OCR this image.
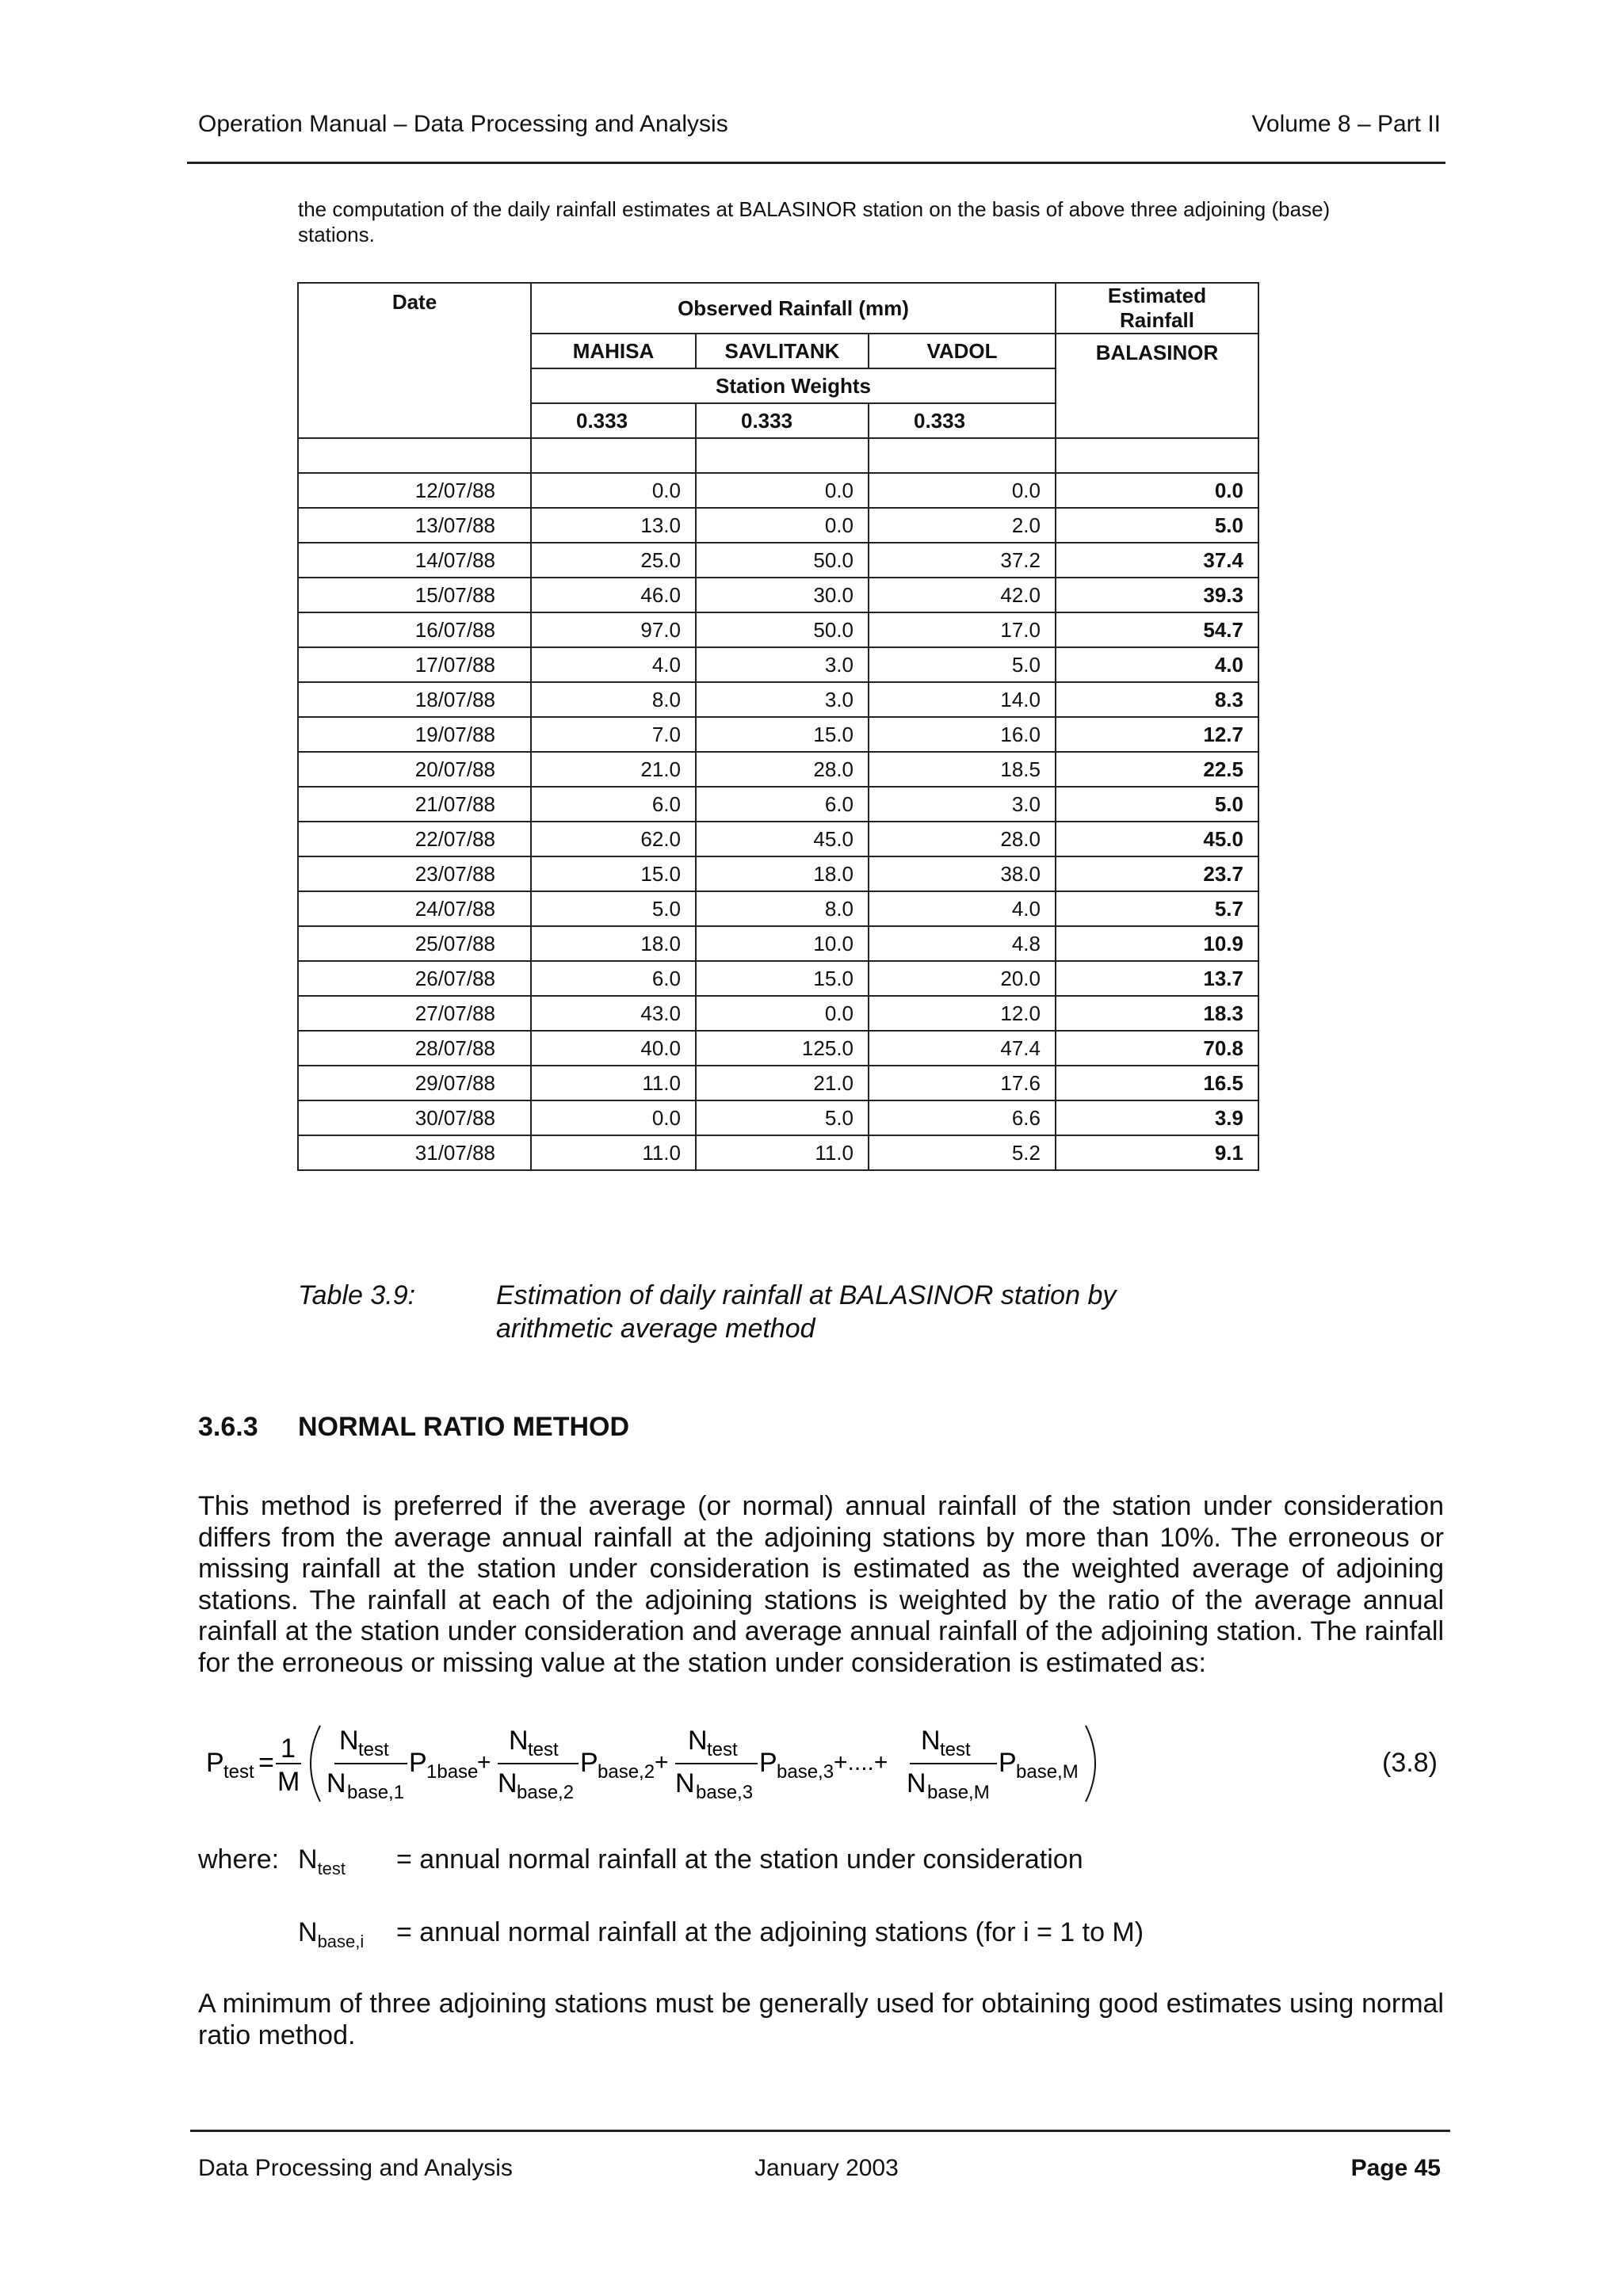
Operation Manual – Data Processing and Analysis	Volume 8 – Part II
the computation of the daily rainfall estimates at BALASINOR station on the basis of above three adjoining (base) stations.
Date	Observed Rainfall (mm)			Estimated Rainfall
	MAHISA	SAVLITANK	VADOL	BALASINOR
	Station Weights			
	0.333	0.333	0.333	

12/07/88	0.0	0.0	0.0	0.0
13/07/88	13.0	0.0	2.0	5.0
14/07/88	25.0	50.0	37.2	37.4
15/07/88	46.0	30.0	42.0	39.3
16/07/88	97.0	50.0	17.0	54.7
17/07/88	4.0	3.0	5.0	4.0
18/07/88	8.0	3.0	14.0	8.3
19/07/88	7.0	15.0	16.0	12.7
20/07/88	21.0	28.0	18.5	22.5
21/07/88	6.0	6.0	3.0	5.0
22/07/88	62.0	45.0	28.0	45.0
23/07/88	15.0	18.0	38.0	23.7
24/07/88	5.0	8.0	4.0	5.7
25/07/88	18.0	10.0	4.8	10.9
26/07/88	6.0	15.0	20.0	13.7
27/07/88	43.0	0.0	12.0	18.3
28/07/88	40.0	125.0	47.4	70.8
29/07/88	11.0	21.0	17.6	16.5
30/07/88	0.0	5.0	6.6	3.9
31/07/88	11.0	11.0	5.2	9.1
Table 3.9:	Estimation of daily rainfall at BALASINOR station by arithmetic average method
3.6.3 NORMAL RATIO METHOD
This method is preferred if the average (or normal) annual rainfall of the station under consideration differs from the average annual rainfall at the adjoining stations by more than 10%. The erroneous or missing rainfall at the station under consideration is estimated as the weighted average of adjoining stations. The rainfall at each of the adjoining stations is weighted by the ratio of the average annual rainfall at the station under consideration and average annual rainfall of the adjoining station. The rainfall for the erroneous or missing value at the station under consideration is estimated as:
P test = 1
M
N test
N base,1
P 1base
+
N test
N base,2
P base,2 +
N test
N base,3
P base,3 +....+
N test
N base,M
P base,M	(3.8)
where: $N_{test}$	= annual normal rainfall at the station under consideration
$N_{base,i}$	= annual normal rainfall at the adjoining stations (for i = 1 to M)
A minimum of three adjoining stations must be generally used for obtaining good estimates using normal ratio method.
Data Processing and Analysis	January 2003	Page 45
